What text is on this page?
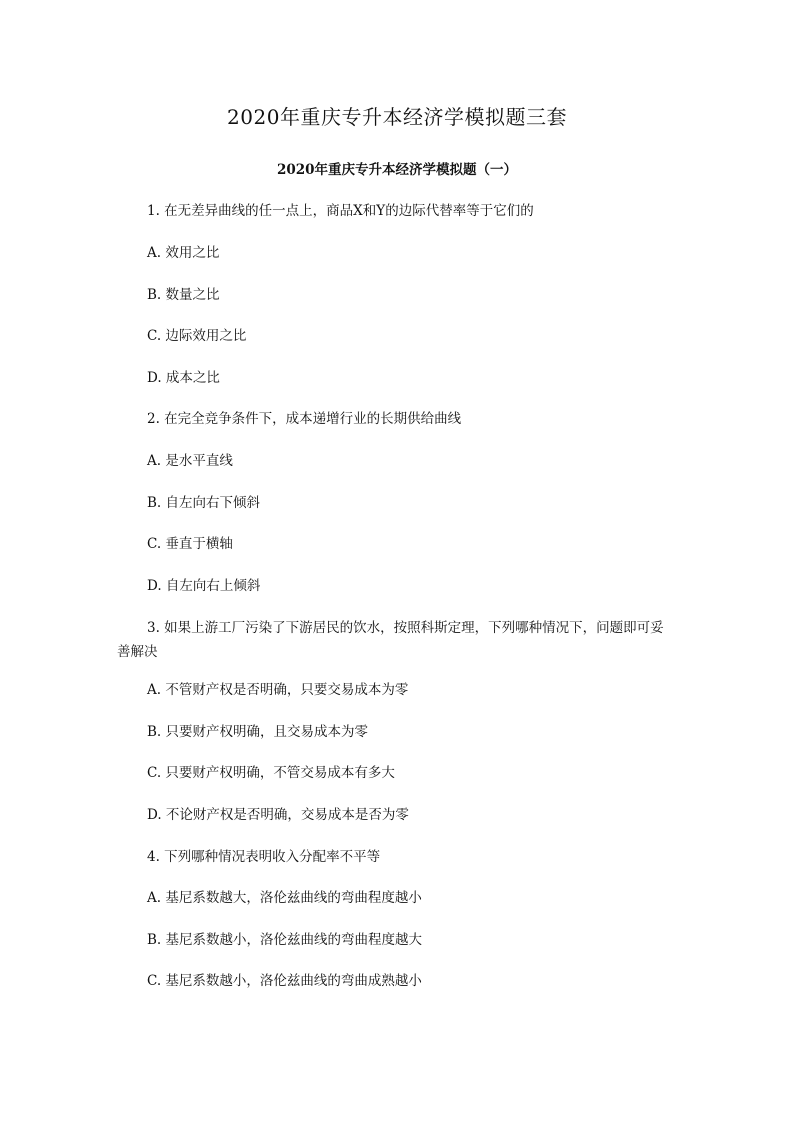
2020年重庆专升本经济学模拟题三套
2020年重庆专升本经济学模拟题（一）
1. 在无差异曲线的任一点上，商品X和Y的边际代替率等于它们的
A. 效用之比
B. 数量之比
C. 边际效用之比
D. 成本之比
2. 在完全竞争条件下，成本递增行业的长期供给曲线
A. 是水平直线
B. 自左向右下倾斜
C. 垂直于横轴
D. 自左向右上倾斜
3. 如果上游工厂污染了下游居民的饮水，按照科斯定理，下列哪种情况下，问题即可妥善解决
A. 不管财产权是否明确，只要交易成本为零
B. 只要财产权明确，且交易成本为零
C. 只要财产权明确，不管交易成本有多大
D. 不论财产权是否明确，交易成本是否为零
4. 下列哪种情况表明收入分配率不平等
A. 基尼系数越大，洛伦兹曲线的弯曲程度越小
B. 基尼系数越小，洛伦兹曲线的弯曲程度越大
C. 基尼系数越小，洛伦兹曲线的弯曲成熟越小
